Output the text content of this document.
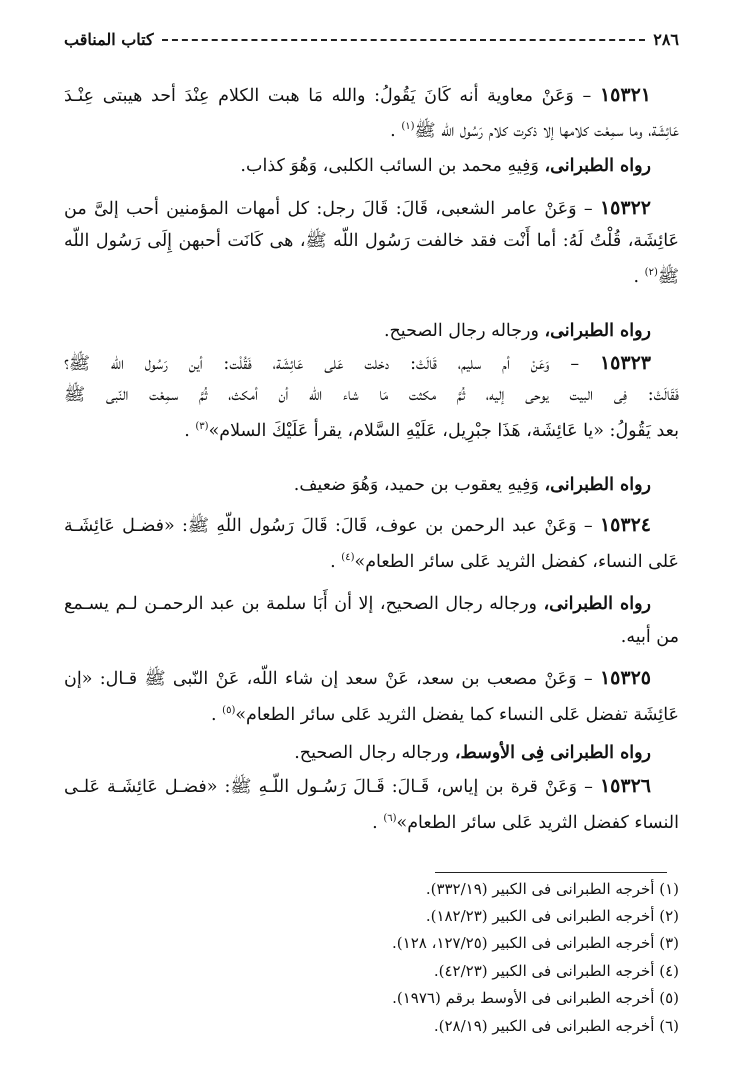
٢٨٦
كتاب المناقب
١٥٣٢١ – وَعَنْ معاوية أنه كَانَ يَقُولُ: والله مَا هبت الكلام عِنْدَ أحد هيبتى عِنْـدَ
عَائِشَة، وما سمِعْت كلامها إلا ذكرت كلام رَسُول اللّه ﷺ$^{(١)}$ .
رواه الطبرانى، وَفِيهِ محمد بن السائب الكلبى، وَهُوَ كذاب.
١٥٣٢٢ – وَعَنْ عامر الشعبى، قَالَ: قَالَ رجل: كل أمهات المؤمنين أحب إلىَّ من
عَائِشَة، قُلْتُ لَهُ: أما أَنْت فقد خالفت رَسُول اللّه ﷺ، هى كَانَت أحبهن إِلَى رَسُول اللّه
ﷺ$^{(٢)}$ .
رواه الطبرانى، ورجاله رجال الصحيح.
١٥٣٢٣ – وَعَنْ أم سليم، قَالَتْ: دخلت عَلى عَائِشَة، فَقُلْت: أين رَسُول اللّه ﷺ؟
فَقَالَتْ: فِى البيت يوحى إليه، ثُمَّ مكثت مَا شاء اللّه أن أمكث، ثُمَّ سمِعْت النّبى ﷺ
بعد يَقُولُ: «يا عَائِشَة، هَذَا جبْرِيل، عَلَيْهِ السَّلام، يقرأ عَلَيْكَ السلام»$^{(٣)}$ .
رواه الطبرانى، وَفِيهِ يعقوب بن حميد، وَهُوَ ضعيف.
١٥٣٢٤ – وَعَنْ عبد الرحمن بن عوف، قَالَ: قَالَ رَسُول اللّهِ ﷺ: «فضـل عَائِشَـة
عَلى النساء، كفضل الثريد عَلى سائر الطعام»$^{(٤)}$ .
رواه الطبرانى، ورجاله رجال الصحيح، إلا أن أَبَا سلمة بن عبد الرحمـن لـم يسـمع
من أبيه.
١٥٣٢٥ – وَعَنْ مصعب بن سعد، عَنْ سعد إن شاء اللّه، عَنْ النّبى ﷺ قـال: «إن
عَائِشَة تفضل عَلى النساء كما يفضل الثريد عَلى سائر الطعام»$^{(٥)}$ .
رواه الطبرانى فِى الأوسط، ورجاله رجال الصحيح.
١٥٣٢٦ – وَعَنْ قرة بن إياس، قَـالَ: قَـالَ رَسُـول اللّـهِ ﷺ: «فضـل عَائِشَـة عَلـى
النساء كفضل الثريد عَلى سائر الطعام»$^{(٦)}$ .
(١) أخرجه الطبرانى فى الكبير (٣٣٢/١٩).
(٢) أخرجه الطبرانى فى الكبير (١٨٢/٢٣).
(٣) أخرجه الطبرانى فى الكبير (١٢٧/٢٥، ١٢٨).
(٤) أخرجه الطبرانى فى الكبير (٤٢/٢٣).
(٥) أخرجه الطبرانى فى الأوسط برقم (١٩٧٦).
(٦) أخرجه الطبرانى فى الكبير (٢٨/١٩).
